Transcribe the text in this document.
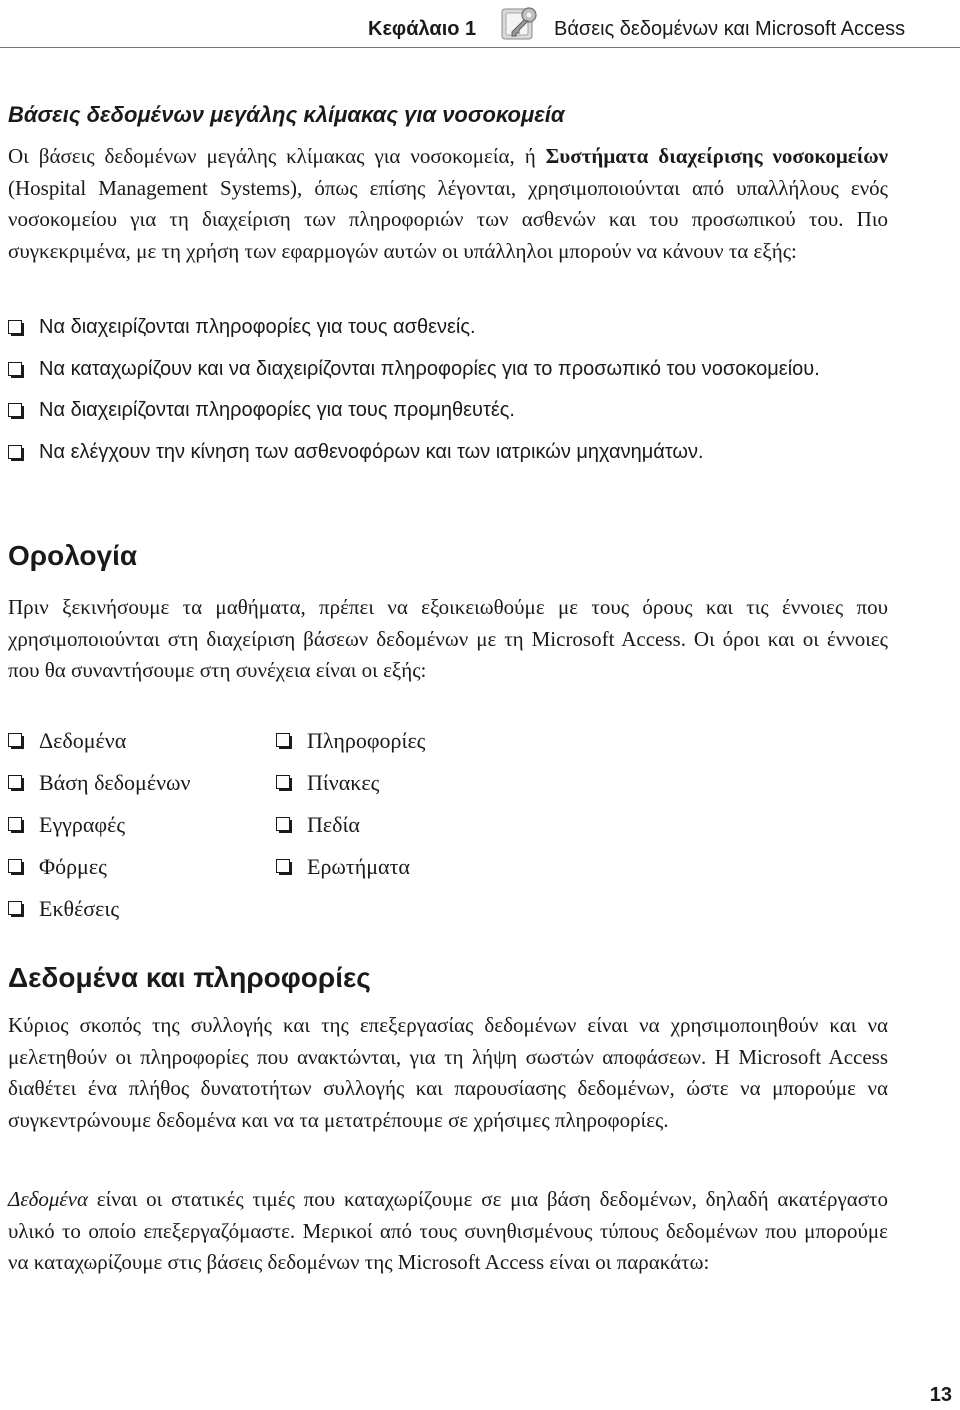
Κεφάλαιο 1	Βάσεις δεδομένων και Microsoft Access
Βάσεις δεδομένων μεγάλης κλίμακας για νοσοκομεία

Οι βάσεις δεδομένων μεγάλης κλίμακας για νοσοκομεία, ή Συστήματα διαχείρισης νοσοκομείων (Hospital Management Systems), όπως επίσης λέγονται, χρησιμοποιούνται από υπαλλήλους ενός νοσοκομείου για τη διαχείριση των πληροφοριών των ασθενών και του προσωπικού του. Πιο συγκεκριμένα, με τη χρήση των εφαρμογών αυτών οι υπάλληλοι μπορούν να κάνουν τα εξής:

Να διαχειρίζονται πληροφορίες για τους ασθενείς.
Να καταχωρίζουν και να διαχειρίζονται πληροφορίες για το προσωπικό του νοσοκομείου.
Να διαχειρίζονται πληροφορίες για τους προμηθευτές.
Να ελέγχουν την κίνηση των ασθενοφόρων και των ιατρικών μηχανημάτων.
Ορολογία

Πριν ξεκινήσουμε τα μαθήματα, πρέπει να εξοικειωθούμε με τους όρους και τις έννοιες που χρησιμοποιούνται στη διαχείριση βάσεων δεδομένων με τη Microsoft Access. Οι όροι και οι έννοιες που θα συναντήσουμε στη συνέχεια είναι οι εξής:

Δεδομένα
Βάση δεδομένων
Εγγραφές
Φόρμες
Εκθέσεις
Πληροφορίες
Πίνακες
Πεδία
Ερωτήματα
Δεδομένα και πληροφορίες

Κύριος σκοπός της συλλογής και της επεξεργασίας δεδομένων είναι να χρησιμοποιηθούν και να μελετηθούν οι πληροφορίες που ανακτώνται, για τη λήψη σωστών αποφάσεων. Η Microsoft Access διαθέτει ένα πλήθος δυνατοτήτων συλλογής και παρουσίασης δεδομένων, ώστε να μπορούμε να συγκεντρώνουμε δεδομένα και να τα μετατρέπουμε σε χρήσιμες πληροφορίες.

Δεδομένα είναι οι στατικές τιμές που καταχωρίζουμε σε μια βάση δεδομένων, δηλαδή ακατέργαστο υλικό το οποίο επεξεργαζόμαστε. Μερικοί από τους συνηθισμένους τύπους δεδομένων που μπορούμε να καταχωρίζουμε στις βάσεις δεδομένων της Microsoft Access είναι οι παρακάτω:

13
